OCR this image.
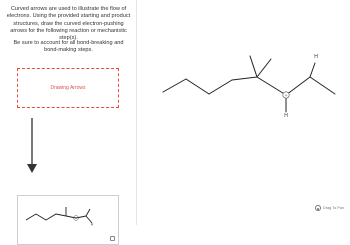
Curved arrows are used to illustrate the flow of electrons. Using the provided starting and product structures, draw the curved electron-pushing arrows for the following reaction or mechanistic step(s).

Be sure to account for all bond-breaking and bond-making steps.

Drawing Arrows
+
H
+
H
H
Drag To Pan
